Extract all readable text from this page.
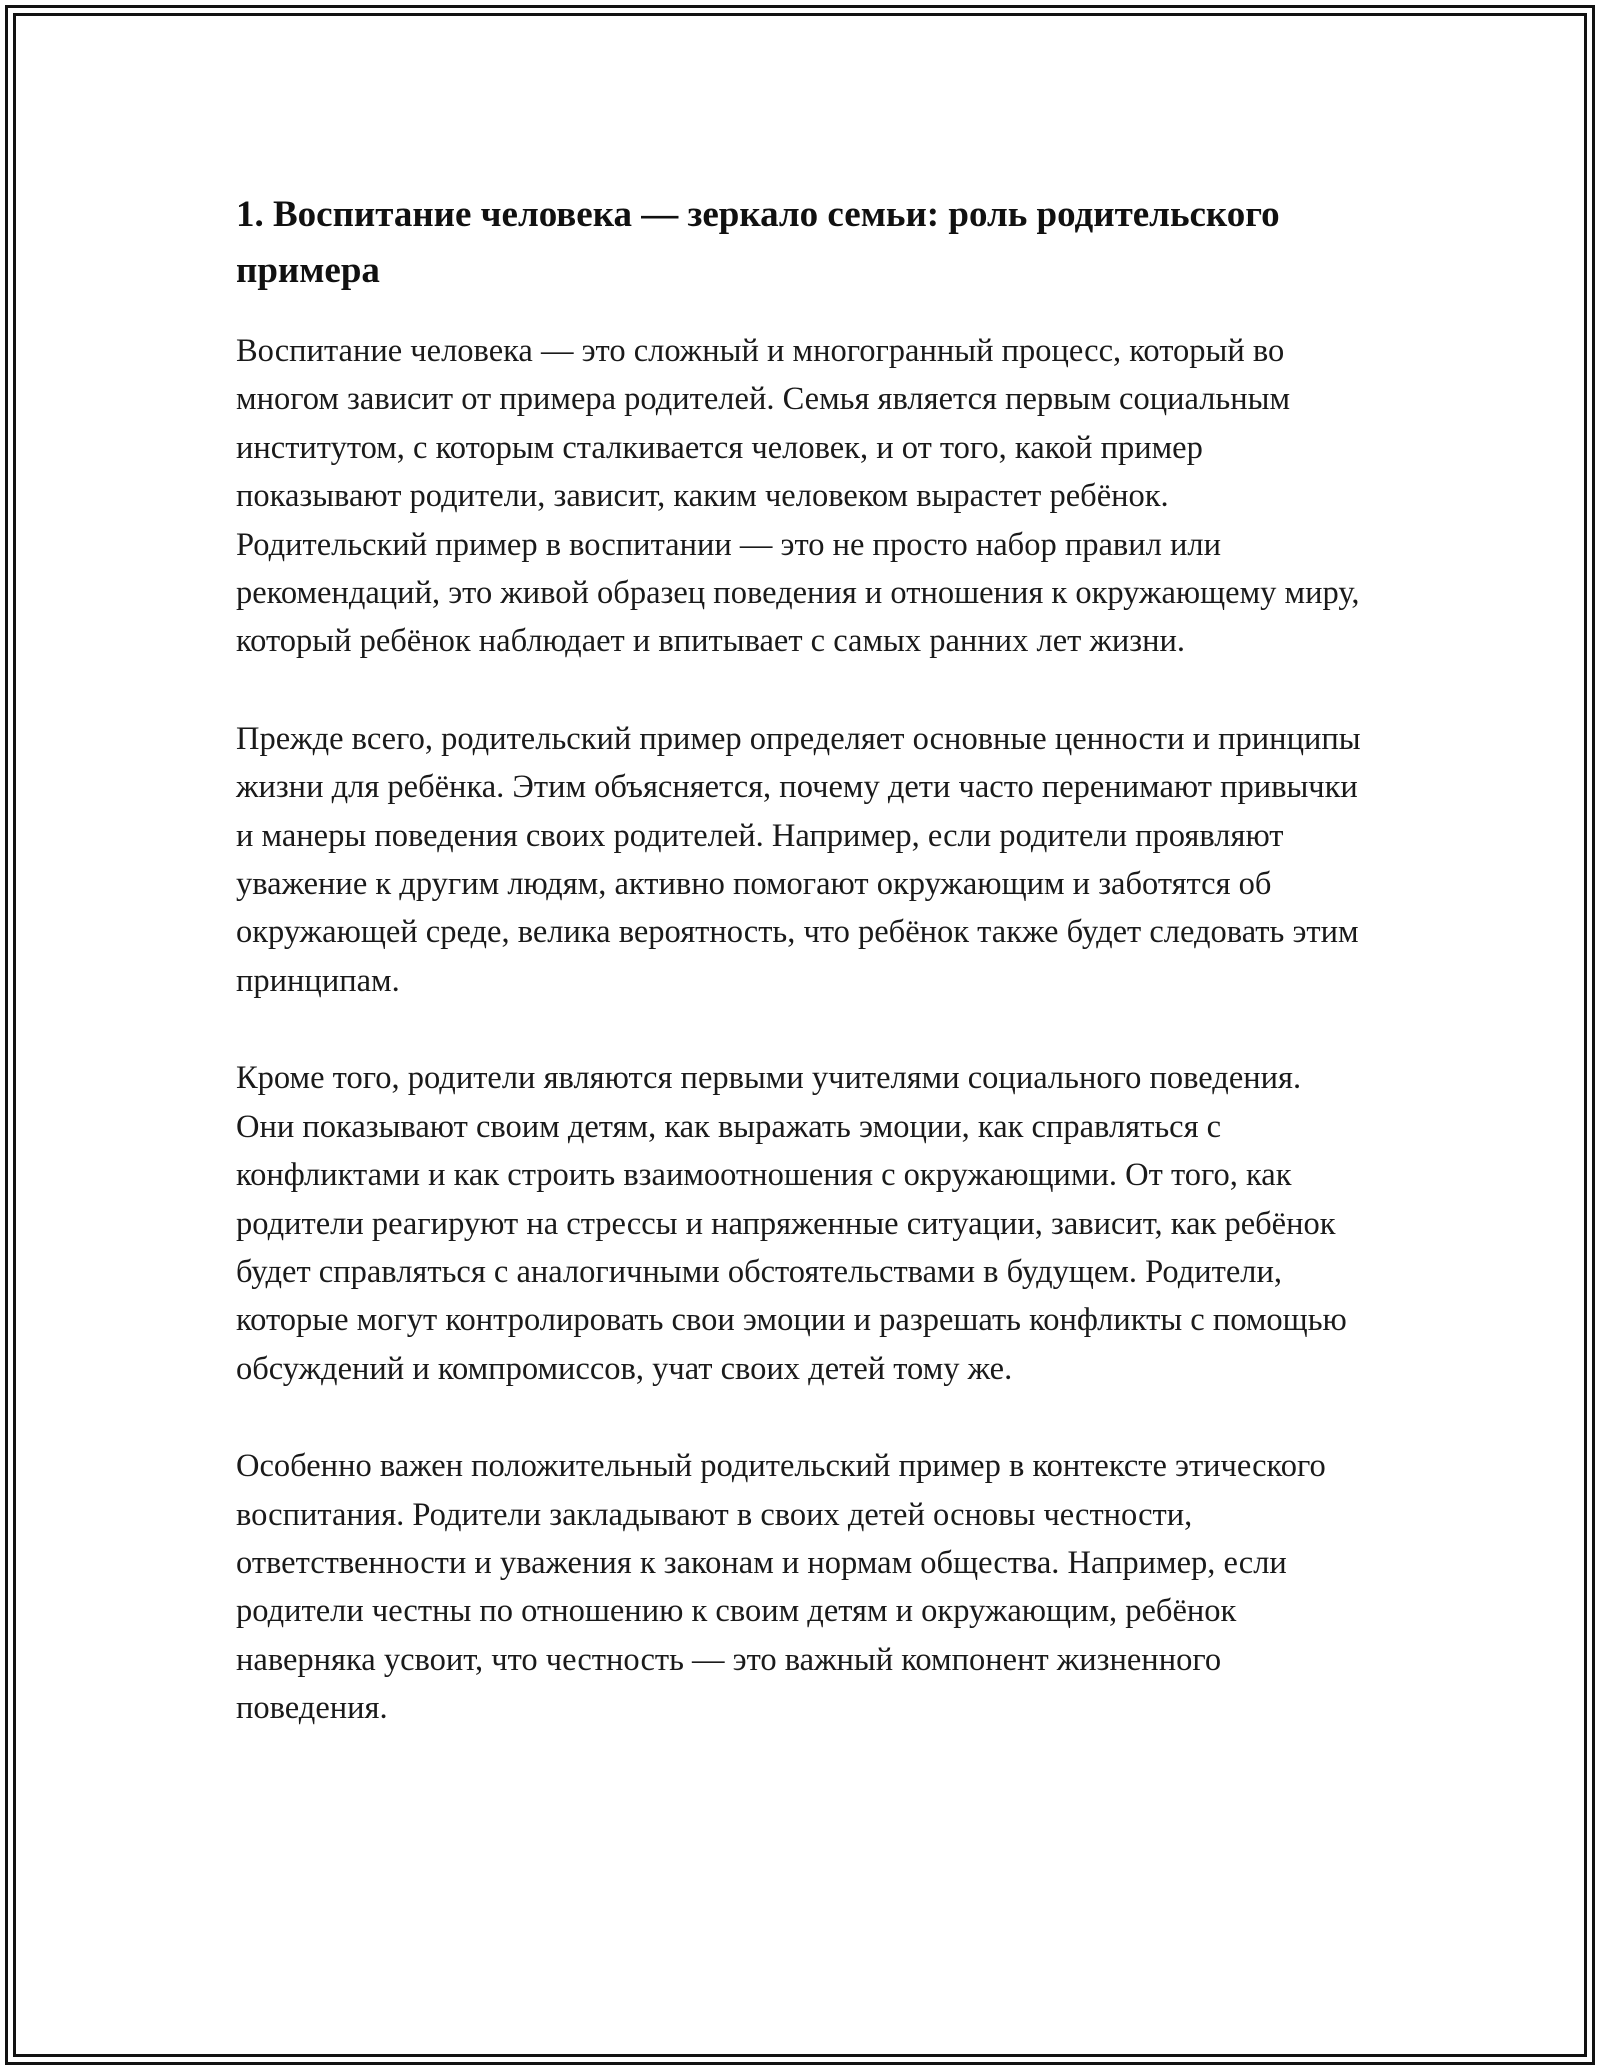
1. Воспитание человека — зеркало семьи: роль родительского примера

Воспитание человека — это сложный и многогранный процесс, который во многом зависит от примера родителей. Семья является первым социальным институтом, с которым сталкивается человек, и от того, какой пример показывают родители, зависит, каким человеком вырастет ребёнок. Родительский пример в воспитании — это не просто набор правил или рекомендаций, это живой образец поведения и отношения к окружающему миру, который ребёнок наблюдает и впитывает с самых ранних лет жизни.

Прежде всего, родительский пример определяет основные ценности и принципы жизни для ребёнка. Этим объясняется, почему дети часто перенимают привычки и манеры поведения своих родителей. Например, если родители проявляют уважение к другим людям, активно помогают окружающим и заботятся об окружающей среде, велика вероятность, что ребёнок также будет следовать этим принципам.

Кроме того, родители являются первыми учителями социального поведения. Они показывают своим детям, как выражать эмоции, как справляться с конфликтами и как строить взаимоотношения с окружающими. От того, как родители реагируют на стрессы и напряженные ситуации, зависит, как ребёнок будет справляться с аналогичными обстоятельствами в будущем. Родители, которые могут контролировать свои эмоции и разрешать конфликты с помощью обсуждений и компромиссов, учат своих детей тому же.

Особенно важен положительный родительский пример в контексте этического воспитания. Родители закладывают в своих детей основы честности, ответственности и уважения к законам и нормам общества. Например, если родители честны по отношению к своим детям и окружающим, ребёнок наверняка усвоит, что честность — это важный компонент жизненного поведения.
